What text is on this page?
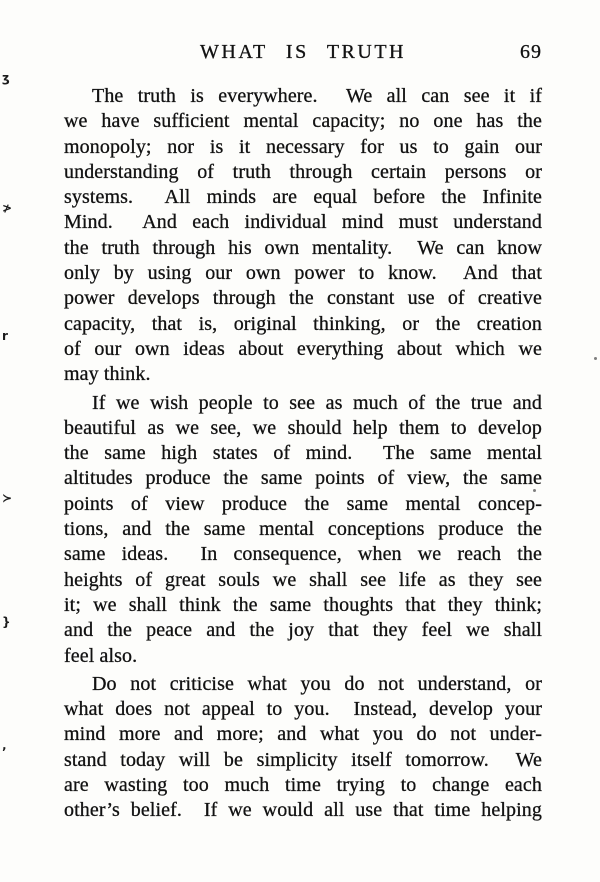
WHAT IS TRUTH	69
The truth is everywhere.  We all can see it if
we have sufficient mental capacity; no one has the
monopoly; nor is it necessary for us to gain our
understanding of truth through certain persons or
systems.  All minds are equal before the Infinite
Mind.  And each individual mind must understand
the truth through his own mentality.  We can know
only by using our own power to know.  And that
power develops through the constant use of creative
capacity, that is, original thinking, or the creation
of our own ideas about everything about which we
may think.
If we wish people to see as much of the true and
beautiful as we see, we should help them to develop
the same high states of mind.  The same mental
altitudes produce the same points of view, the same
points of view produce the same mental concep-
tions, and the same mental conceptions produce the
same ideas.  In consequence, when we reach the
heights of great souls we shall see life as they see
it; we shall think the same thoughts that they think;
and the peace and the joy that they feel we shall
feel also.
Do not criticise what you do not understand, or
what does not appeal to you.  Instead, develop your
mind more and more; and what you do not under-
stand today will be simplicity itself tomorrow.  We
are wasting too much time trying to change each
other’s belief.  If we would all use that time helping
ʒ
≯
r
≻
}
ʼ
